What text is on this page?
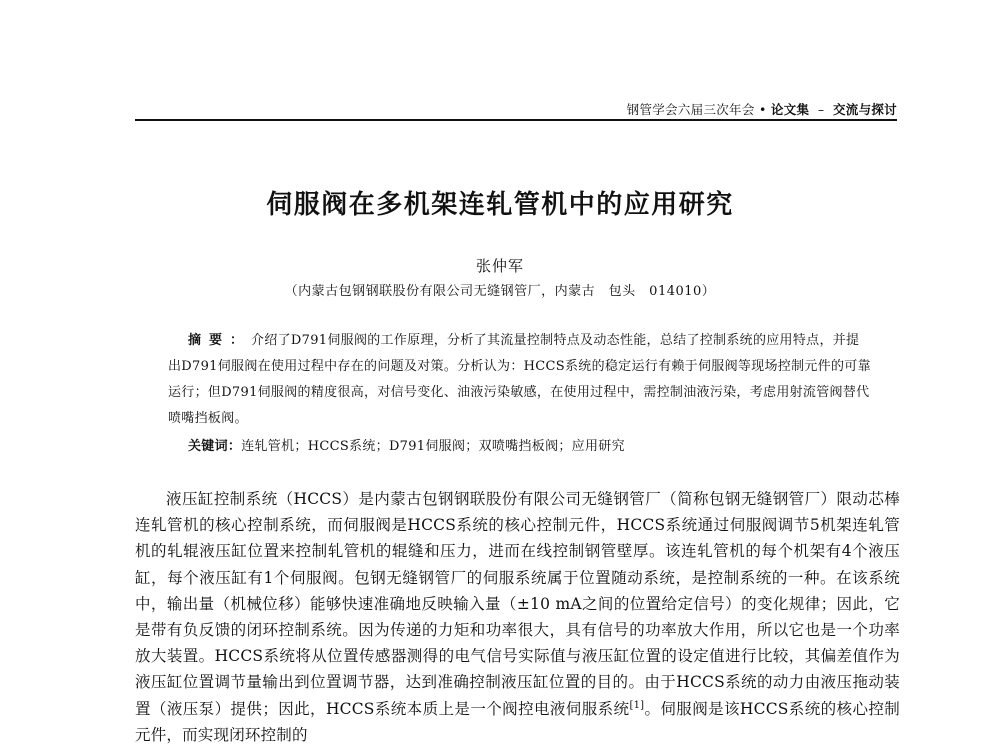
钢管学会六届三次年会 • 论文集 – 交流与探讨
伺服阀在多机架连轧管机中的应用研究
张仲军
（内蒙古包钢钢联股份有限公司无缝钢管厂，内蒙古　包头　014010）
摘要：介绍了D791伺服阀的工作原理，分析了其流量控制特点及动态性能，总结了控制系统的应用特点，并提出D791伺服阀在使用过程中存在的问题及对策。分析认为：HCCS系统的稳定运行有赖于伺服阀等现场控制元件的可靠运行；但D791伺服阀的精度很高，对信号变化、油液污染敏感，在使用过程中，需控制油液污染，考虑用射流管阀替代喷嘴挡板阀。
关键词：连轧管机；HCCS系统；D791伺服阀；双喷嘴挡板阀；应用研究
液压缸控制系统（HCCS）是内蒙古包钢钢联股份有限公司无缝钢管厂（简称包钢无缝钢管厂）限动芯棒连轧管机的核心控制系统，而伺服阀是HCCS系统的核心控制元件，HCCS系统通过伺服阀调节5机架连轧管机的轧辊液压缸位置来控制轧管机的辊缝和压力，进而在线控制钢管壁厚。该连轧管机的每个机架有4个液压缸，每个液压缸有1个伺服阀。包钢无缝钢管厂的伺服系统属于位置随动系统，是控制系统的一种。在该系统中，输出量（机械位移）能够快速准确地反映输入量（±10 mA之间的位置给定信号）的变化规律；因此，它是带有负反馈的闭环控制系统。因为传递的力矩和功率很大，具有信号的功率放大作用，所以它也是一个功率放大装置。HCCS系统将从位置传感器测得的电气信号实际值与液压缸位置的设定值进行比较，其偏差值作为液压缸位置调节量输出到位置调节器，达到准确控制液压缸位置的目的。由于HCCS系统的动力由液压拖动装置（液压泵）提供；因此，HCCS系统本质上是一个阀控电液伺服系统[1]。伺服阀是该HCCS系统的核心控制元件，而实现闭环控制的
